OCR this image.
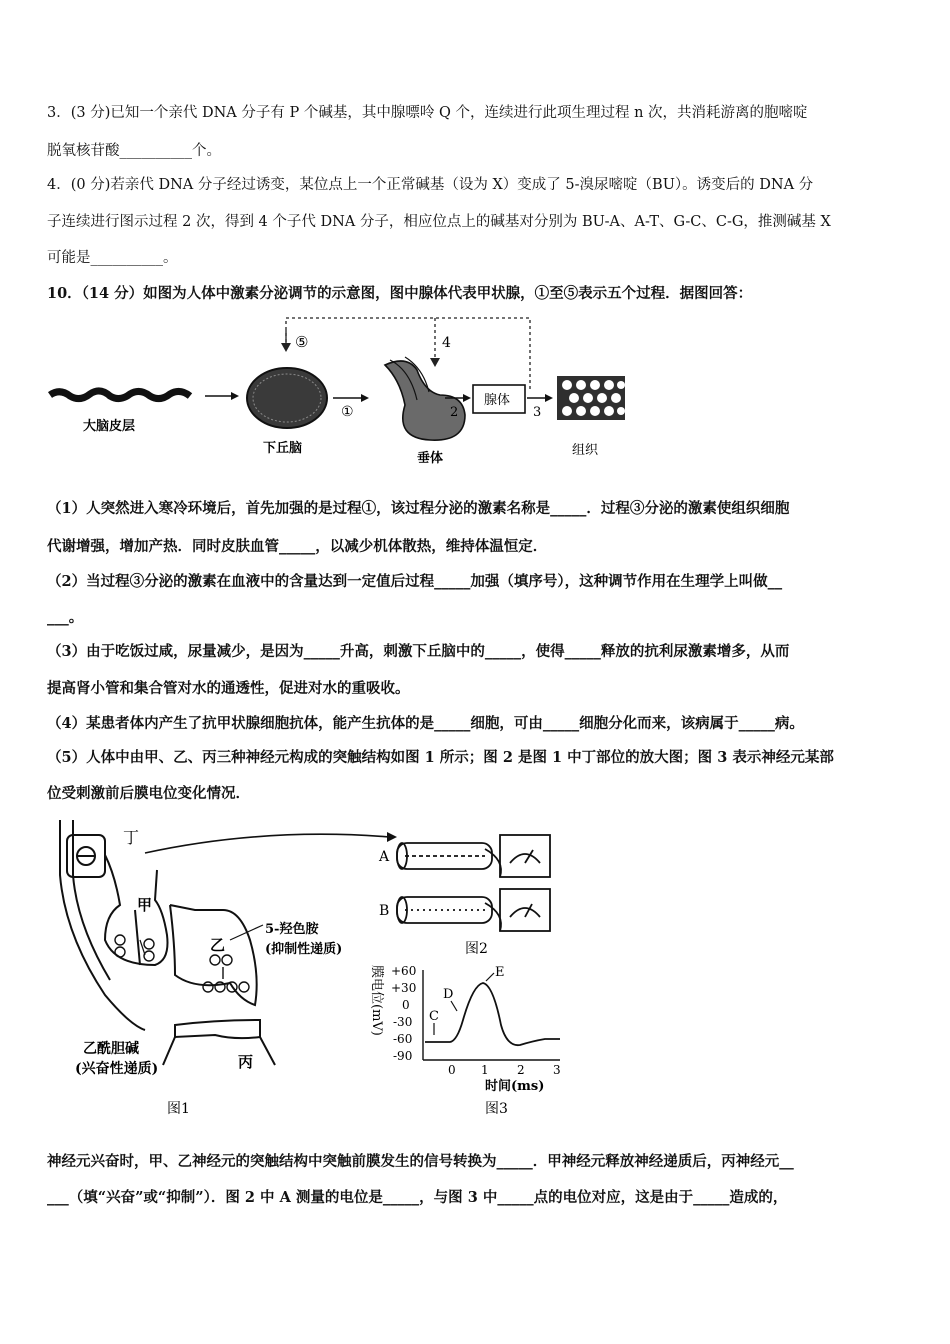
3．(3 分)已知一个亲代 DNA 分子有 P 个碱基，其中腺嘌呤 Q 个，连续进行此项生理过程 n 次，共消耗游离的胞嘧啶
脱氧核苷酸__________个。
4．(0 分)若亲代 DNA 分子经过诱变，某位点上一个正常碱基（设为 X）变成了 5-溴尿嘧啶（BU）。诱变后的 DNA 分
子连续进行图示过程 2 次，得到 4 个子代 DNA 分子，相应位点上的碱基对分别为 BU-A、A-T、G-C、C-G，推测碱基 X
可能是__________。
10．（14 分）如图为人体中激素分泌调节的示意图，图中腺体代表甲状腺，①至⑤表示五个过程．据图回答：
⑤	4
大脑皮层
下丘脑
①
垂体
2
腺体
3
组织
（1）人突然进入寒冷环境后，首先加强的是过程①，该过程分泌的激素名称是_____．过程③分泌的激素使组织细胞
代谢增强，增加产热．同时皮肤血管_____，以减少机体散热，维持体温恒定．
（2）当过程③分泌的激素在血液中的含量达到一定值后过程_____加强（填序号），这种调节作用在生理学上叫做__
___。
（3）由于吃饭过咸，尿量减少，是因为_____升高，刺激下丘脑中的_____，使得_____释放的抗利尿激素增多，从而
提高肾小管和集合管对水的通透性，促进对水的重吸收。
（4）某患者体内产生了抗甲状腺细胞抗体，能产生抗体的是_____细胞，可由_____细胞分化而来，该病属于_____病。
（5）人体中由甲、乙、丙三种神经元构成的突触结构如图 1 所示；图 2 是图 1 中丁部位的放大图；图 3 表示神经元某部
位受刺激前后膜电位变化情况．
丁
甲
乙
丙
5-羟色胺
(抑制性递质)
乙酰胆碱
(兴奋性递质)
图1
A
B
图2
膜电位(mV) +60
+30
0
-30
-60
-90
0 1 2 3
时间(ms)
C
D
E
图3
神经元兴奋时，甲、乙神经元的突触结构中突触前膜发生的信号转换为_____．甲神经元释放神经递质后，丙神经元__
___（填“兴奋”或“抑制”）．图 2 中 A 测量的电位是_____，与图 3 中_____点的电位对应，这是由于_____造成的，
